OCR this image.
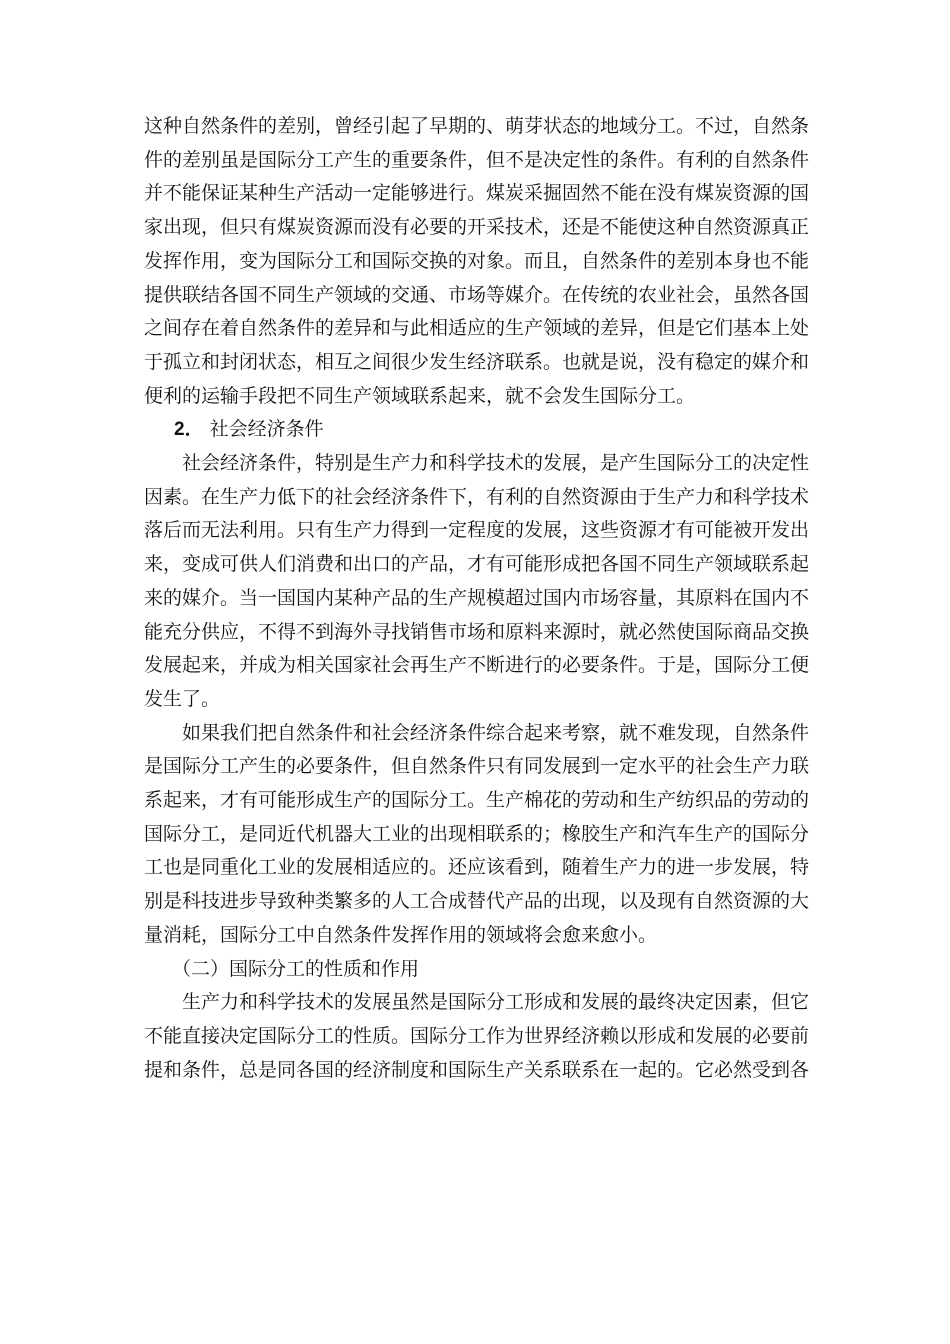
这种自然条件的差别，曾经引起了早期的、萌芽状态的地域分工。不过，自然条件的差别虽是国际分工产生的重要条件，但不是决定性的条件。有利的自然条件并不能保证某种生产活动一定能够进行。煤炭采掘固然不能在没有煤炭资源的国家出现，但只有煤炭资源而没有必要的开采技术，还是不能使这种自然资源真正发挥作用，变为国际分工和国际交换的对象。而且，自然条件的差别本身也不能提供联结各国不同生产领域的交通、市场等媒介。在传统的农业社会，虽然各国之间存在着自然条件的差异和与此相适应的生产领域的差异，但是它们基本上处于孤立和封闭状态，相互之间很少发生经济联系。也就是说，没有稳定的媒介和便利的运输手段把不同生产领域联系起来，就不会发生国际分工。

2． 社会经济条件

社会经济条件，特别是生产力和科学技术的发展，是产生国际分工的决定性因素。在生产力低下的社会经济条件下，有利的自然资源由于生产力和科学技术落后而无法利用。只有生产力得到一定程度的发展，这些资源才有可能被开发出来，变成可供人们消费和出口的产品，才有可能形成把各国不同生产领域联系起来的媒介。当一国国内某种产品的生产规模超过国内市场容量，其原料在国内不能充分供应，不得不到海外寻找销售市场和原料来源时，就必然使国际商品交换发展起来，并成为相关国家社会再生产不断进行的必要条件。于是，国际分工便发生了。

如果我们把自然条件和社会经济条件综合起来考察，就不难发现，自然条件是国际分工产生的必要条件，但自然条件只有同发展到一定水平的社会生产力联系起来，才有可能形成生产的国际分工。生产棉花的劳动和生产纺织品的劳动的国际分工，是同近代机器大工业的出现相联系的；橡胶生产和汽车生产的国际分工也是同重化工业的发展相适应的。还应该看到，随着生产力的进一步发展，特别是科技进步导致种类繁多的人工合成替代产品的出现，以及现有自然资源的大量消耗，国际分工中自然条件发挥作用的领域将会愈来愈小。

（二）国际分工的性质和作用

生产力和科学技术的发展虽然是国际分工形成和发展的最终决定因素，但它不能直接决定国际分工的性质。国际分工作为世界经济赖以形成和发展的必要前提和条件，总是同各国的经济制度和国际生产关系联系在一起的。它必然受到各
